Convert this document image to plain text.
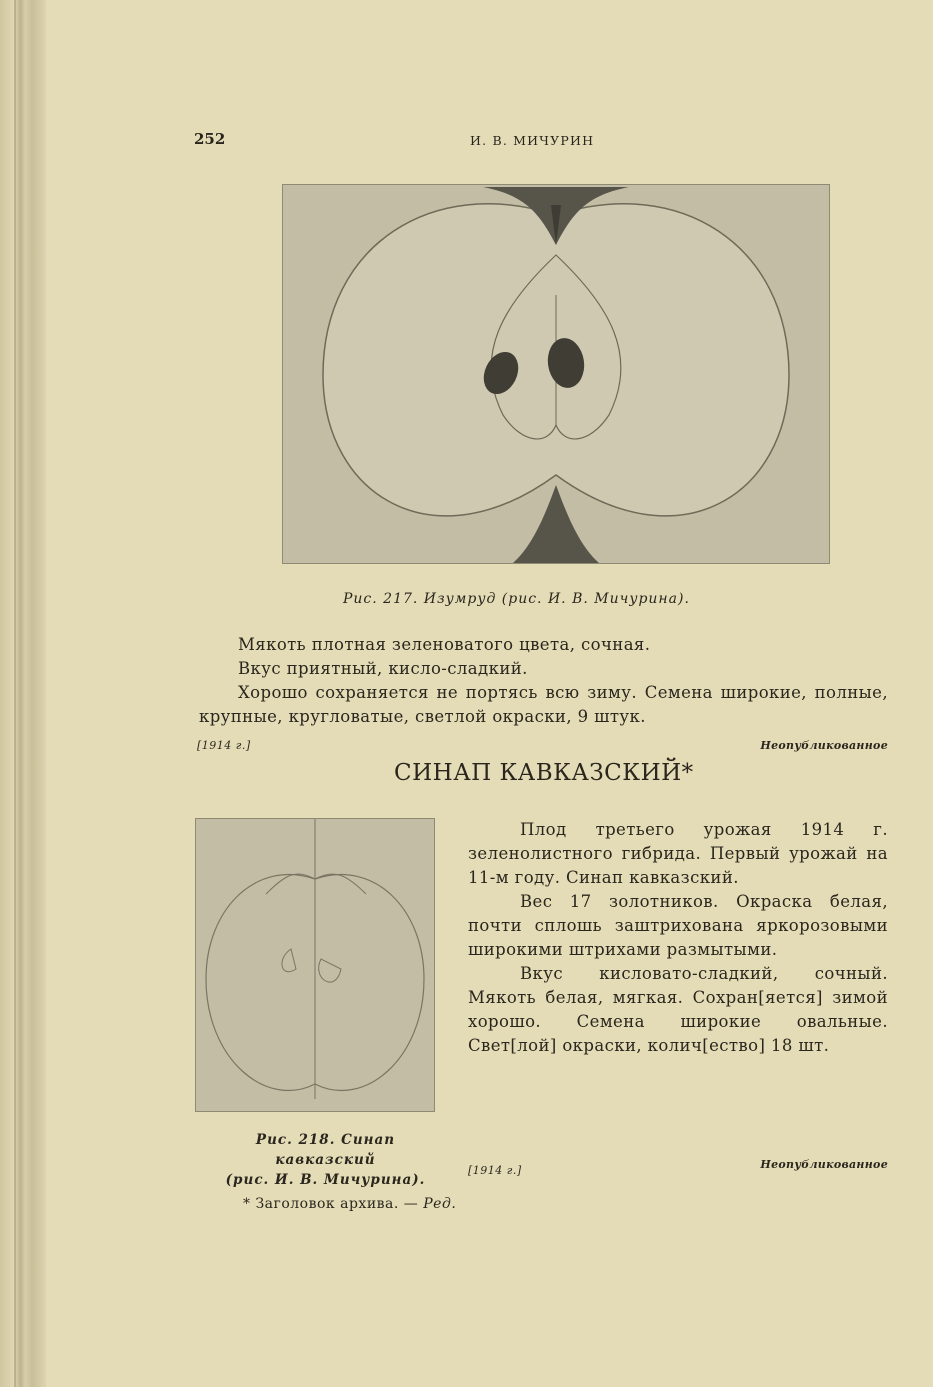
252	И. В. МИЧУРИН
Рис. 217. Изумруд (рис. И. В. Мичурина).
Мякоть плотная зеленоватого цвета, сочная.
Вкус приятный, кисло-сладкий.
Хорошо сохраняется не портясь всю зиму. Семена широкие, полные, крупные, кругловатые, светлой окраски, 9 штук.
[1914 г.]	Неопубликованное
СИНАП КАВКАЗСКИЙ*

Плод третьего урожая 1914 г. зеленолистного гибрида. Первый урожай на 11-м году. Синап кавказский.

Вес 17 золотников. Окраска белая, почти сплошь заштрихована яркорозовыми широкими штрихами размытыми.

Вкус кисловато-сладкий, сочный. Мякоть белая, мягкая. Сохран[яется] зимой хорошо. Семена широкие овальные. Свет[лой] окраски, колич[ество] 18 шт.

Рис. 218. Синап кавказский
(рис. И. В. Мичурина).
[1914 г.]	Неопубликованное
* Заголовок архива. — Ред.
